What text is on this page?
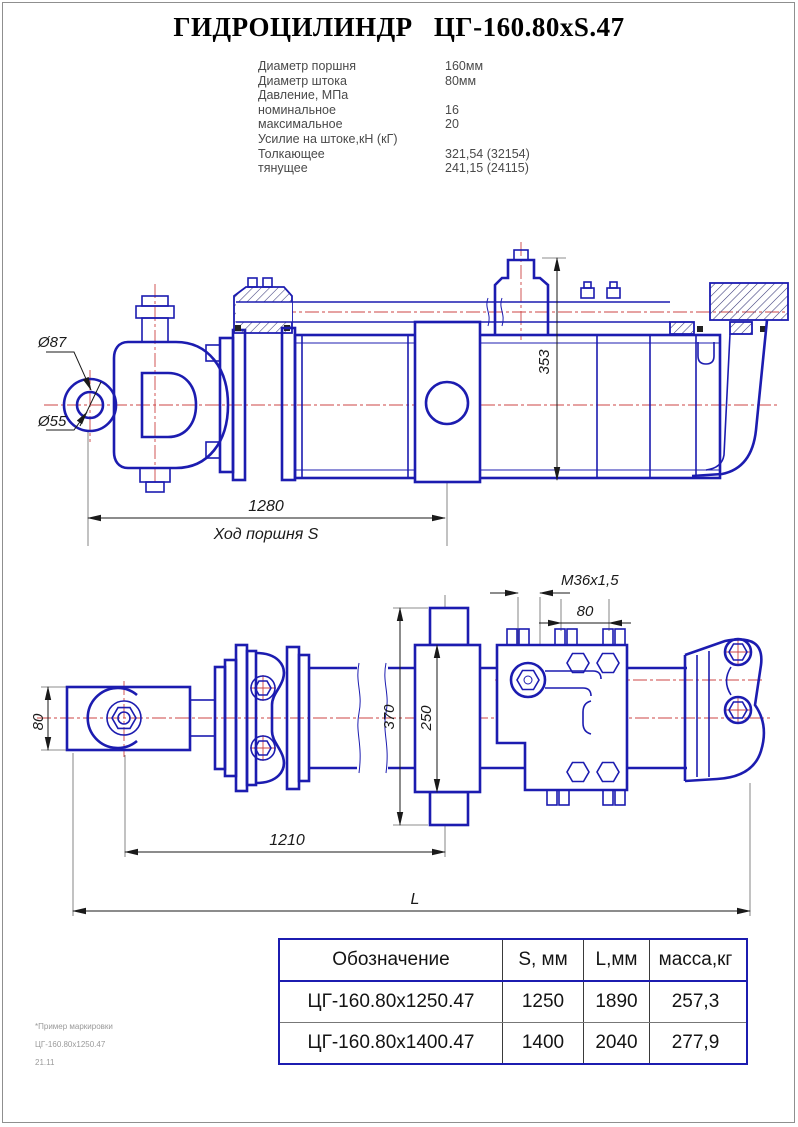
ГИДРОЦИЛИНДР ЦГ-160.80xS.47
Диаметр поршня	160мм
Диаметр штока	80мм
Давление, МПа
номинальное	16
максимальное	20
Усилие на штоке,кН (кГ)
Толкающее	321,54 (32154)
тянущее	241,15 (24115)
Ø87
Ø55
353
1280
Ход поршня S
80	370 250
M36x1,5
80
1210
L
Обозначение	S, мм	L,мм	масса,кг
ЦГ-160.80х1250.47	1250	1890	257,3
ЦГ-160.80х1400.47	1400	2040	277,9
*Пример маркировки
ЦГ-160.80х1250.47
21.11
